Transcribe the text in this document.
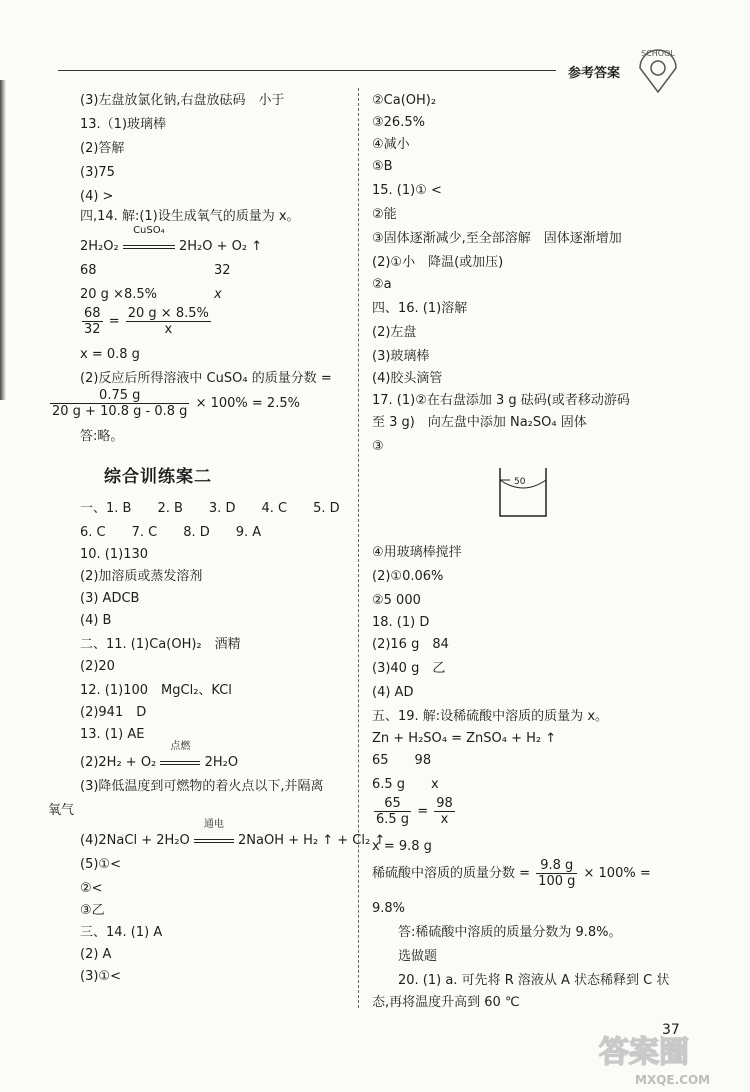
参考答案
SCHOOL
(3)左盘放氯化钠,右盘放砝码　小于
13.（1)玻璃棒
(2)答解
(3)75
(4) >
四,14. 解:(1)设生成氧气的质量为 x。
2H₂O₂
CuSO₄
2H₂O + O₂ ↑
68	32
20 g ×8.5%	x
$\frac{68}{32} = \frac{20 g \times 8.5\%}{x}$
x = 0.8 g
(2)反应后所得溶液中 CuSO₄ 的质量分数 =
$\frac{0.75 g}{20 g + 10.8 g - 0.8 g} \times 100\% = 2.5\%$
答:略。
综合训练案二
一、1. B　　2. B　　3. D　　4. C　　5. D
6. C　　7. C　　8. D　　9. A
10. (1)130
(2)加溶质或蒸发溶剂
(3) ADCB
(4) B
二、11. (1)Ca(OH)₂　酒精
(2)20
12. (1)100　MgCl₂、KCl
(2)941　D
13. (1) AE
(2)2H₂ + O₂
点燃
2H₂O
(3)降低温度到可燃物的着火点以下,并隔离
氧气
(4)2NaCl + 2H₂O
通电
2NaOH + H₂ ↑ + Cl₂ ↑
(5)①<
②<
③乙
三、14. (1) A
(2) A
(3)①<
②Ca(OH)₂
③26.5%
④减小
⑤B
15. (1)① <
②能
③固体逐渐减少,至全部溶解　固体逐渐增加
(2)①小　降温(或加压)
②a
四、16. (1)溶解
(2)左盘
(3)玻璃棒
(4)胶头滴管
17. (1)②在右盘添加 3 g 砝码(或者移动游码
至 3 g)　向左盘中添加 Na₂SO₄ 固体
③
50
④用玻璃棒搅拌
(2)①0.06%
②5 000
18. (1) D
(2)16 g　84
(3)40 g　乙
(4) AD
五、19. 解:设稀硫酸中溶质的质量为 x。
Zn + H₂SO₄ = ZnSO₄ + H₂ ↑
65　　98
6.5 g　　x
$\frac{65}{6.5 g} = \frac{98}{x}$
x = 9.8 g
稀硫酸中溶质的质量分数 = $\frac{9.8 g}{100 g} \times 100\%$ =
9.8%
答:稀硫酸中溶质的质量分数为 9.8%。
选做题
20. (1) a. 可先将 R 溶液从 A 状态稀释到 C 状
态,再将温度升高到 60 ℃
37
答案圈
MXQE.COM
